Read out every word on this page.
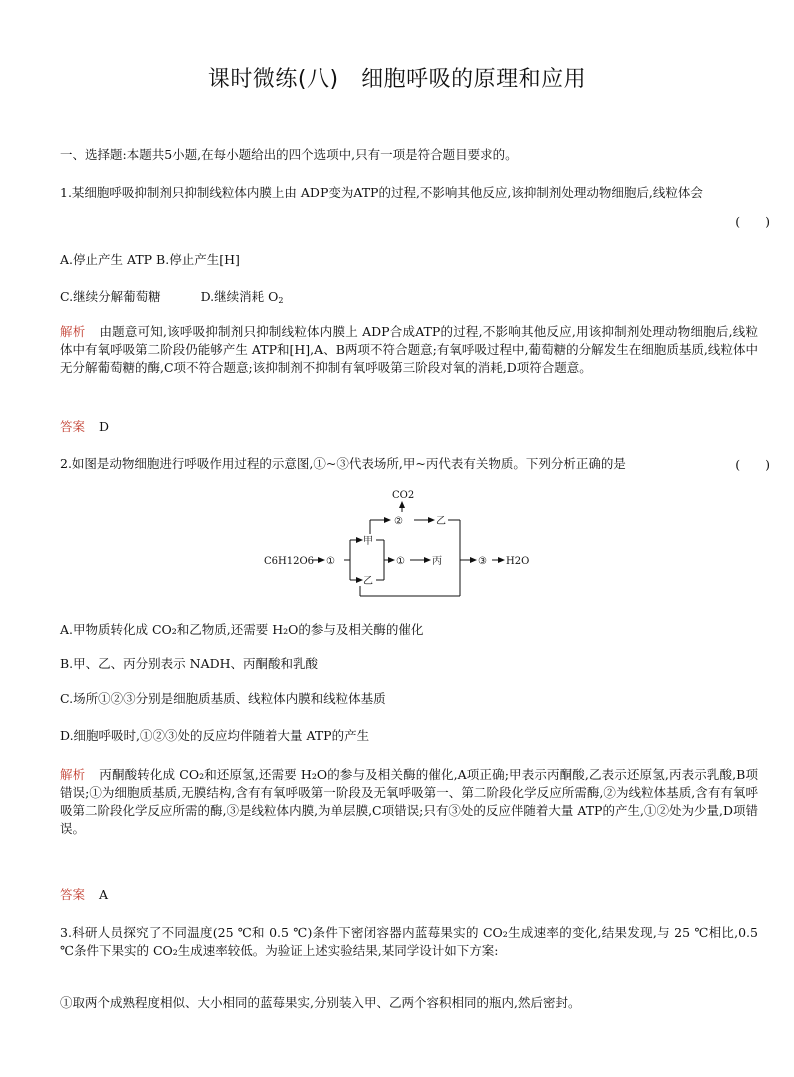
课时微练(八)　细胞呼吸的原理和应用
一、选择题:本题共5小题,在每小题给出的四个选项中,只有一项是符合题目要求的。
1.某细胞呼吸抑制剂只抑制线粒体内膜上由 ADP变为ATP的过程,不影响其他反应,该抑制剂处理动物细胞后,线粒体会
(　　)
A.停止产生 ATP B.停止产生[H]
C.继续分解葡萄糖	D.继续消耗 $O_2$
解析 由题意可知,该呼吸抑制剂只抑制线粒体内膜上 ADP合成ATP的过程,不影响其他反应,用该抑制剂处理动物细胞后,线粒体中有氧呼吸第二阶段仍能够产生 ATP和[H],A、B两项不符合题意;有氧呼吸过程中,葡萄糖的分解发生在细胞质基质,线粒体中无分解葡萄糖的酶,C项不符合题意;该抑制剂不抑制有氧呼吸第三阶段对氧的消耗,D项符合题意。
答案 D
2.如图是动物细胞进行呼吸作用过程的示意图,①~③代表场所,甲~丙代表有关物质。下列分析正确的是	(　　)
C6H12O6 ①
甲
乙
①	丙
②
CO2
乙
③ H2O
A.甲物质转化成 CO₂和乙物质,还需要 H₂O的参与及相关酶的催化
B.甲、乙、丙分别表示 NADH、丙酮酸和乳酸
C.场所①②③分别是细胞质基质、线粒体内膜和线粒体基质
D.细胞呼吸时,①②③处的反应均伴随着大量 ATP的产生
解析 丙酮酸转化成 CO₂和还原氢,还需要 H₂O的参与及相关酶的催化,A项正确;甲表示丙酮酸,乙表示还原氢,丙表示乳酸,B项错误;①为细胞质基质,无膜结构,含有有氧呼吸第一阶段及无氧呼吸第一、第二阶段化学反应所需酶,②为线粒体基质,含有有氧呼吸第二阶段化学反应所需的酶,③是线粒体内膜,为单层膜,C项错误;只有③处的反应伴随着大量 ATP的产生,①②处为少量,D项错误。
答案 A
3.科研人员探究了不同温度(25 ℃和 0.5 ℃)条件下密闭容器内蓝莓果实的 CO₂生成速率的变化,结果发现,与 25 ℃相比,0.5 ℃条件下果实的 CO₂生成速率较低。为验证上述实验结果,某同学设计如下方案:
①取两个成熟程度相似、大小相同的蓝莓果实,分别装入甲、乙两个容积相同的瓶内,然后密封。
